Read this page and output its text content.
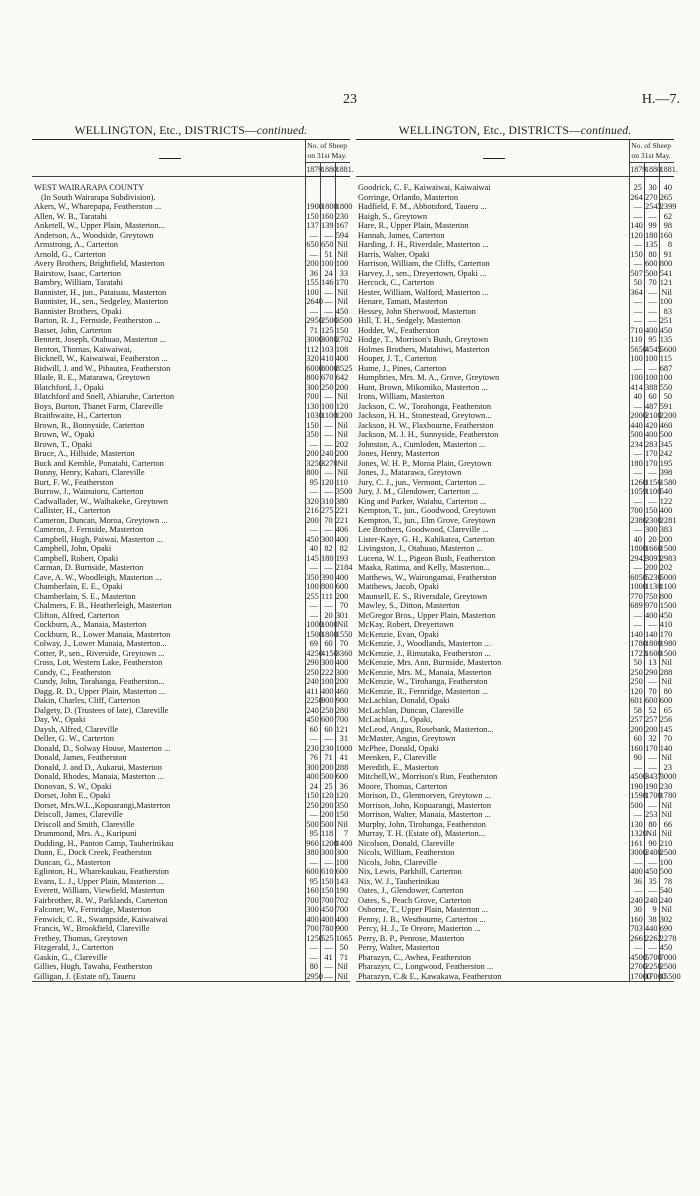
23	H.—7.
WELLINGTON, Etc., DISTRICTS—continued.
	No. of Sheep on 31st May.		
	1879.	1880.	1881.

WEST WAIRARAPA COUNTY			
(In South Wairarapa Subdivision).			
Akers, W., Wharepapa, Featherston ...	1900	1800	1800
Allen, W. B., Taratahi	150	160	230
Anketell, W., Upper Plain, Masterton...	137	139	167
Anderson, A., Woodside, Greytown	—	—	594
Armstrong, A., Carterton	650	650	Nil
Arnold, G., Carterton	—	51	Nil
Avery Brothers, Brightfield, Masterton	200	100	100
Bairstow, Isaac, Carterton	36	24	33
Bambry, William, Taratahi	155	146	170
Bannister, H., jun., Pataiuau, Masterton	100	—	Nil
Bannister, H., sen., Sedgeley, Masterton	2640	—	Nil
Bannister Brothers, Opaki	—	—	450
Barton, R. J., Fernside, Featherston ...	2950	2500	3500
Basset, John, Carterton	71	125	150
Bennett, Joseph, Otahuao, Masterton ...	3000	3080	2702
Benton, Thomas, Kaiwaiwai,	112	103	108
Bicknell, W., Kaiwaiwai, Featherston ...	320	410	400
Bidwill, J. and W., Pihautea, Featherston	6000	8000	8525
Blade, R. E., Matarawa, Greytown	800	670	642
Blatchford, J., Opaki	300	250	200
Blatchford and Snell, Ahiaruhe, Carterton	700	—	Nil
Boys, Burton, Thanet Farm, Clareville	130	100	120
Braithwaite, H., Carterton	1030	1100	1200
Brown, R., Bonnyside, Carterton	150	—	Nil
Brown, W., Opaki	350	—	Nil
Brown, T., Opaki	—	—	202
Bruce, A., Hillside, Masterton	200	240	200
Buck and Kemble, Ponatahi, Carterton	3250	3270	Nil
Bunny, Henry, Kahari, Clareville	800	—	Nil
Burt, F. W., Featherston	95	120	110
Burrow, J., Wainuioru, Carterton	—	—	3500
Cadwallader, W., Waihakeke, Greytown	320	310	380
Callister, H., Carterton	216	275	221
Cameron, Duncan, Moroa, Greytown ...	200	70	221
Cameron, J. Fernside, Masterton	—	—	406
Campbell, Hugh, Paiwai, Masterton ...	450	300	400
Campbell, John, Opaki	40	82	82
Campbell, Robert, Opaki	145	180	193
Carman, D. Burnside, Masterton	—	—	2184
Cave, A. W., Woodleigh, Masterton ...	350	390	400
Chamberlain, E. E., Opaki	100	800	600
Chamberlain, S. E., Masterton	255	111	200
Chalmers, F. B., Heatherleigh, Masterton	—	—	70
Clifton, Alfred, Carterton	—	20	301
Cockburn, A., Manaia, Masterton	1000	1000	Nil
Cockburn, R., Lower Manaia, Masterton	1500	1800	1550
Colway, J., Lower Manaia, Masterton...	69	60	70
Cotter, P., sen., Riverside, Greytown ...	4250	4150	3360
Cross, Lot, Western Lake, Featherston	290	300	400
Cundy, C., Featherston	250	222	300
Cundy, John, Torahanga, Featherston...	240	100	200
Dagg, R. D., Upper Plain, Masterton ...	411	400	460
Dakin, Charles, Cliff, Carterton	2250	900	900
Dalgety, D. (Trustees of late), Clareville	240	250	280
Day, W., Opaki	450	600	700
Daysh, Alfred, Clareville	60	60	121
Deller, G. W., Carterton	—	—	31
Donald, D., Solway House, Masterton ...	230	230	1000
Donald, James, Featherston	76	71	41
Donald, J. and D., Aukarui, Masterton	300	200	288
Donald, Rhodes, Manaia, Masterton ...	400	500	600
Donovan, S. W., Opaki	24	25	36
Dorset, John E., Opaki	150	120	120
Dorset, Mrs.W.L.,Kopuarangi,Masterton	250	200	350
Driscoll, James, Clareville	—	200	150
Driscoll and Smith, Clareville	500	500	Nil
Drummond, Mrs. A., Kuripuni	95	118	7
Dudding, H., Panton Camp, Tauherinikau	960	1200	1400
Dunn, E., Dock Creek, Featherston	380	300	300
Duncan, G., Masterton	—	—	100
Eglinton, H., Wharekaukau, Featherston	600	610	600
Evans, L. J., Upper Plain, Masterton ...	95	150	143
Everett, William, Viewfield, Masterton	160	150	190
Fairbrother, R. W., Parklands, Carterton	700	700	702
Falconer, W., Fernridge, Masterton	300	450	700
Fenwick, C. R., Swampside, Kaiwaiwai	400	400	400
Francis, W., Brookfield, Clareville	700	780	900
Frethey, Thomas, Greytown	1250	525	1065
Fitzgerald, J., Carterton	—	—	50
Gaskin, G., Clareville	—	41	71
Gillies, Hugh, Tawaha, Featherston	80	—	Nil
Gilligan, J. (Estate of), Taueru	2950	—	Nil
WELLINGTON, Etc., DISTRICTS—continued.
	No. of Sheep on 31st May.		
	1879.	1880.	1881.

Goodrick, C. F., Kaiwaiwai, Kaiwaiwai	25	30	40
Gorringe, Orlando, Masterton	264	270	265
Hadfield, F. M., Abbotsford, Taueru ...	—	2543	2399
Haigh, S., Greytown	—	—	62
Hare, R., Upper Plain, Masterton	140	99	98
Hannah, James, Carterton	120	180	160
Harding, J. H., Riverdale, Masterton ...	—	135	8
Harris, Walter, Opaki	150	80	91
Harrison, William, the Cliffs, Carterton	—	600	800
Harvey, J., sen., Dreyertown, Opaki ...	507	500	541
Hercock, C., Carterton	50	70	121
Hester, William, Walford, Masterton ...	364	—	Nil
Henare, Tamati, Masterton	—	—	100
Hessey, John Sherwood, Masterton	—	—	83
Hill, T. H., Sedgely, Masterton	—	—	251
Hodder, W., Featherston	710	400	450
Hodge, T., Morrison's Bush, Greytown	110	95	135
Holmes Brothers, Matahiwi, Masterton	5650	4545	5600
Hooper, J. T., Carterton	100	100	115
Hume, J., Pines, Carterton	—	—	687
Humphries, Mrs. M. A., Grove, Greytown	100	100	100
Hunt, Brown, Mikomiko, Masterton ...	414	388	550
Irons, William, Masterton	40	60	50
Jackson, C. W., Torohonga, Featherston	—	487	591
Jackson, H. H., Stonestead, Greytown...	2000	2100	2200
Jackson, H. W., Flaxbourne, Featherston	440	420	460
Jackson, M. J. H., Sunnyside, Featherston	500	400	500
Johnston, A., Cumloden, Masterton ...	234	283	345
Jones, Henry, Masterton	—	170	242
Jones, W. H. P., Moroa Plain, Greytown	180	170	195
Jones, J., Matarawa, Greytown	—	—	398
Jury, C. J., jun., Vermont, Carterton ...	1260	1156	1580
Jury, J. M., Glendower, Carterton ...	1059	1100	540
King and Parker, Waiahu, Carterton ...	—	—	122
Kempton, T., jun., Goodwood, Greytown	700	150	400
Kempton, T., jun., Elm Grove, Greytown	2386	2300	2281
Lee Brothers, Goodwood, Clareville ...	—	300	383
Lister-Kaye, G. H., Kahikatea, Carterton	40	20	200
Livingston, J., Otahuao, Masterton ...	1800	1660	1500
Lucena, W. L., Pigeon Bush, Featherston	2942	3093	2983
Maaka, Ratima, and Kelly, Masterton...	—	200	202
Matthews, W., Wairongamai, Featherston	6050	5230	5000
Matthews, Jacob, Opaki	1000	1130	1100
Maunsell, E. S., Riversdale, Greytown	770	750	800
Mawley, S., Ditton, Masterton	689	970	1500
McGregor Bros., Upper Plain, Masterton	—	400	450
McKay, Robert, Dreyertown	—	—	410
McKenzie, Evan, Opaki	140	140	170
McKenzie, J., Woodlands, Masterton ...	1780	1800	1980
McKenzie, J., Rimutaka, Featherston ...	1723	1600	1500
McKenzie, Mrs. Ann, Burnside, Masterton	50	13	Nil
McKenzie, Mrs. M., Manaia, Masterton	250	290	288
McKenzie, W., Tirohanga, Featherston	250	—	Nil
McKenzie, R., Fernridge, Masterton ...	120	70	80
McLachlan, Donald, Opaki	601	600	600
McLachlan, Duncan, Clareville	58	52	65
McLachlan, J., Opaki,	257	257	256
McLeod, Angus, Rosebank, Masterton...	200	200	145
McMaster, Angus, Greytown	60	32	70
McPhee, Donald, Opaki	160	170	140
Meenken, F., Clareville	90	—	Nil
Meredith, E., Masterton	—	—	23
Mitchell,W., Morrison's Run, Featherston	4500	3437	3000
Moore, Thomas, Carterton	190	190	230
Morison, D., Glenmorven, Greytown ...	1598	1700	1780
Morrison, John, Kopuarangi, Masterton	500	—	Nil
Morrison, Walter, Manaia, Masterton ...	—	253	Nil
Murphy, John, Tirohanga, Featherston	130	80	66
Murray, T. H. (Estate of), Masterton...	1320	Nil	Nil
Nicolson, Donald, Clareville	161	90	210
Nicols, William, Featherston	3000	2400	2500
Nicols, John, Clareville	—	—	100
Nix, Lewis, Parkhill, Carterton	400	450	500
Nix, W. J., Tauherinikau	36	35	78
Oates, J., Glendower, Carterton	—	—	540
Oates, S., Peach Grove, Carterton	240	240	240
Osborne, T., Upper Plain, Masterton ...	30	9	Nil
Penny, J. B., Westbourne, Carterton ...	160	38	302
Percy, H. J., Te Oreore, Masterton ...	703	440	690
Perry, B. P., Penrose, Masterton	2661	2262	2278
Perry, Walter, Masterton	—	—	450
Pharazyn, C., Awhea, Featherston	4500	5700	7000
Pharazyn, C., Longwood, Featherston ...	2700	2250	2500
Pharazyn, C.& E., Kawakawa, Featherston	17000	17000	15500
